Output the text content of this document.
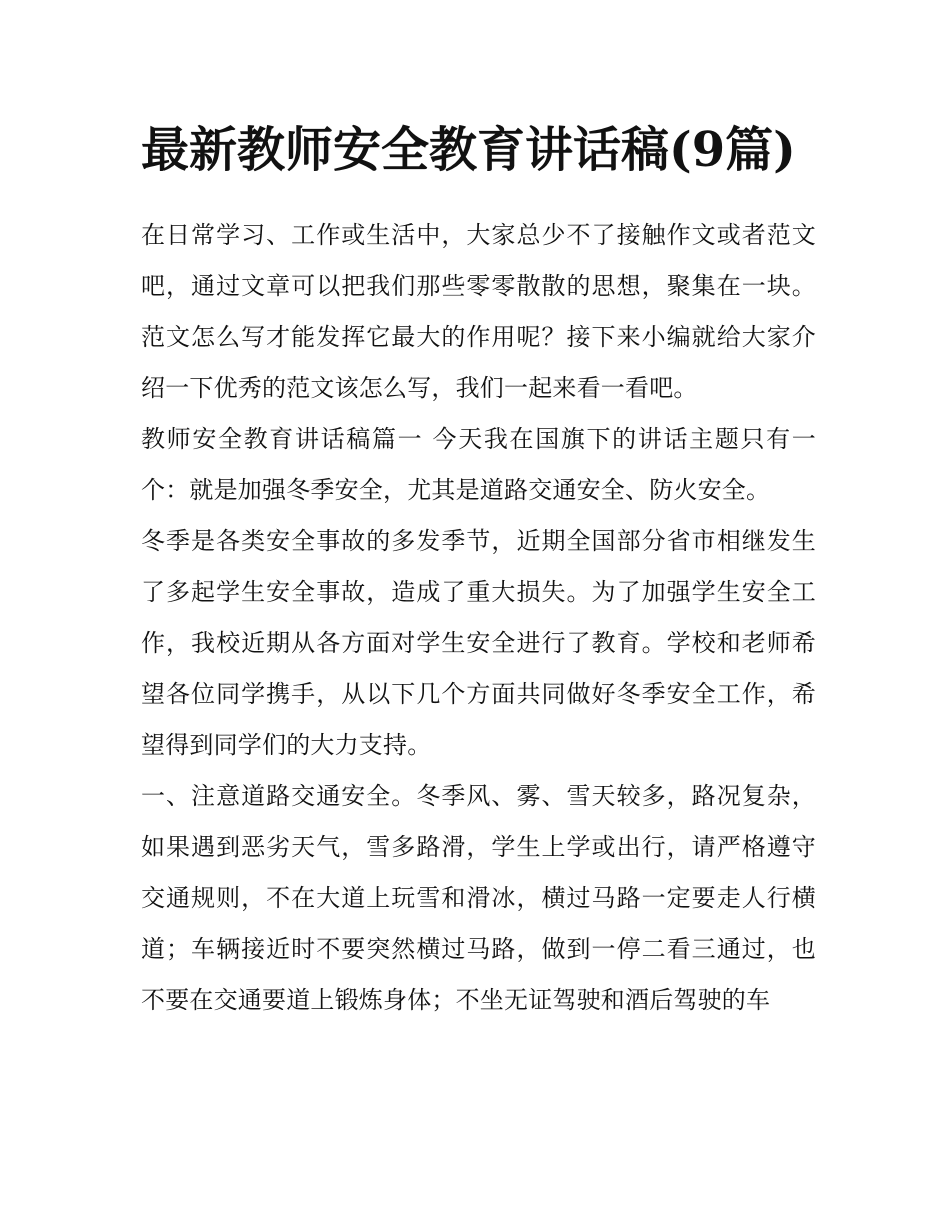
最新教师安全教育讲话稿(9篇)

在日常学习、工作或生活中，大家总少不了接触作文或者范文吧，通过文章可以把我们那些零零散散的思想，聚集在一块。范文怎么写才能发挥它最大的作用呢？接下来小编就给大家介绍一下优秀的范文该怎么写，我们一起来看一看吧。

教师安全教育讲话稿篇一 今天我在国旗下的讲话主题只有一个：就是加强冬季安全，尤其是道路交通安全、防火安全。

冬季是各类安全事故的多发季节，近期全国部分省市相继发生了多起学生安全事故，造成了重大损失。为了加强学生安全工作，我校近期从各方面对学生安全进行了教育。学校和老师希望各位同学携手，从以下几个方面共同做好冬季安全工作，希望得到同学们的大力支持。

一、注意道路交通安全。冬季风、雾、雪天较多，路况复杂，如果遇到恶劣天气，雪多路滑，学生上学或出行，请严格遵守交通规则，不在大道上玩雪和滑冰，横过马路一定要走人行横道；车辆接近时不要突然横过马路，做到一停二看三通过，也不要在交通要道上锻炼身体；不坐无证驾驶和酒后驾驶的车
